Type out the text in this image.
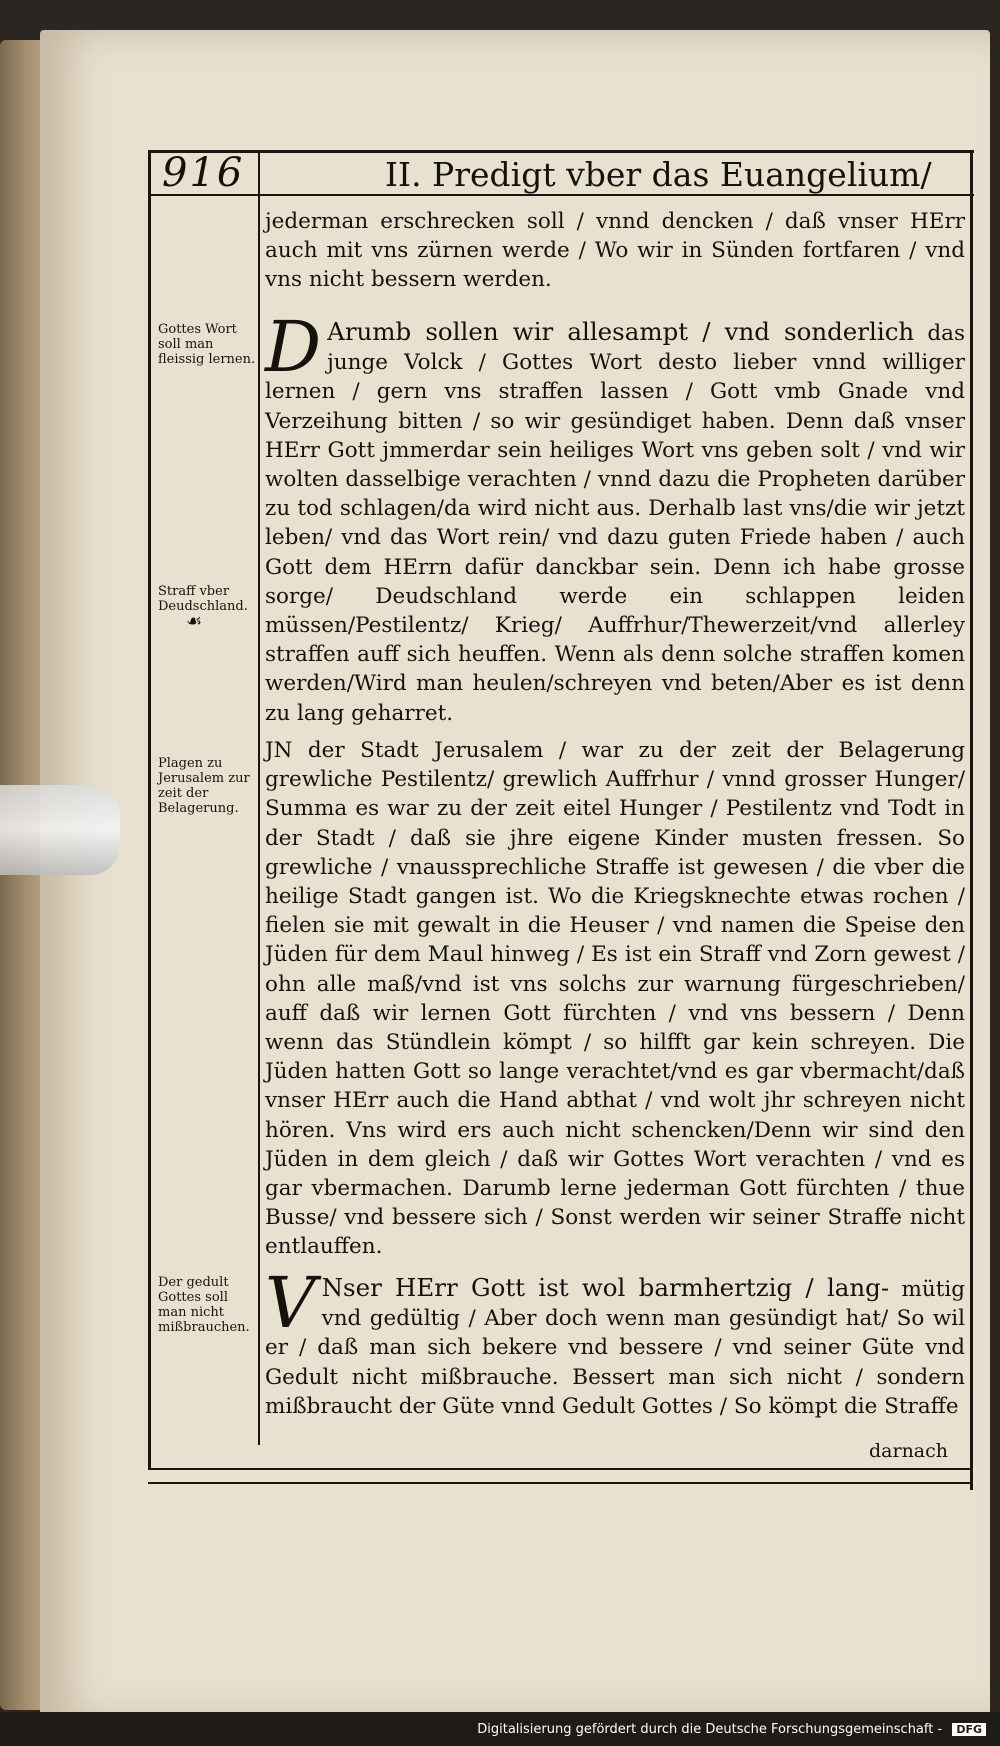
916	II. Predigt vber das Euangelium/
Gottes Wort soll man fleissig lernen.
Straff vber Deudschland.
☙
Plagen zu Jerusalem zur zeit der Belagerung.
Der gedult Gottes soll man nicht mißbrauchen.

jederman erschrecken soll / vnnd dencken / daß vnser HErr auch mit vns zürnen werde / Wo wir in Sünden fortfaren / vnd vns nicht bessern werden.

D Arumb sollen wir allesampt / vnd sonderlich das junge Volck / Gottes Wort desto lieber vnnd williger lernen / gern vns straffen lassen / Gott vmb Gnade vnd Verzeihung bitten / so wir gesündiget haben. Denn daß vnser HErr Gott jmmerdar sein heiliges Wort vns geben solt / vnd wir wolten dasselbige verachten / vnnd dazu die Propheten darüber zu tod schlagen/da wird nicht aus. Derhalb last vns/die wir jetzt leben/ vnd das Wort rein/ vnd dazu guten Friede haben / auch Gott dem HErrn dafür danckbar sein. Denn ich habe grosse sorge/ Deudschland werde ein schlappen leiden müssen/Pestilentz/ Krieg/ Auffrhur/Thewerzeit/vnd allerley straffen auff sich heuffen. Wenn als denn solche straffen komen werden/Wird man heulen/schreyen vnd beten/Aber es ist denn zu lang geharret.

JN der Stadt Jerusalem / war zu der zeit der Belagerung grewliche Pestilentz/ grewlich Auffrhur / vnnd grosser Hunger/ Summa es war zu der zeit eitel Hunger / Pestilentz vnd Todt in der Stadt / daß sie jhre eigene Kinder musten fressen. So grewliche / vnaussprechliche Straffe ist gewesen / die vber die heilige Stadt gangen ist. Wo die Kriegsknechte etwas rochen / fielen sie mit gewalt in die Heuser / vnd namen die Speise den Jüden für dem Maul hinweg / Es ist ein Straff vnd Zorn gewest / ohn alle maß/vnd ist vns solchs zur warnung fürgeschrieben/ auff daß wir lernen Gott fürchten / vnd vns bessern / Denn wenn das Stündlein kömpt / so hilfft gar kein schreyen. Die Jüden hatten Gott so lange verachtet/vnd es gar vbermacht/daß vnser HErr auch die Hand abthat / vnd wolt jhr schreyen nicht hören. Vns wird ers auch nicht schencken/Denn wir sind den Jüden in dem gleich / daß wir Gottes Wort verachten / vnd es gar vbermachen. Darumb lerne jederman Gott fürchten / thue Busse/ vnd bessere sich / Sonst werden wir seiner Straffe nicht entlauffen.

V Nser HErr Gott ist wol barmhertzig / lang- mütig vnd gedültig / Aber doch wenn man gesündigt hat/ So wil er / daß man sich bekere vnd bessere / vnd seiner Güte vnd Gedult nicht mißbrauche. Bessert man sich nicht / sondern mißbraucht der Güte vnnd Gedult Gottes / So kömpt die Straffe

darnach
Digitalisierung gefördert durch die Deutsche Forschungsgemeinschaft - DFG
